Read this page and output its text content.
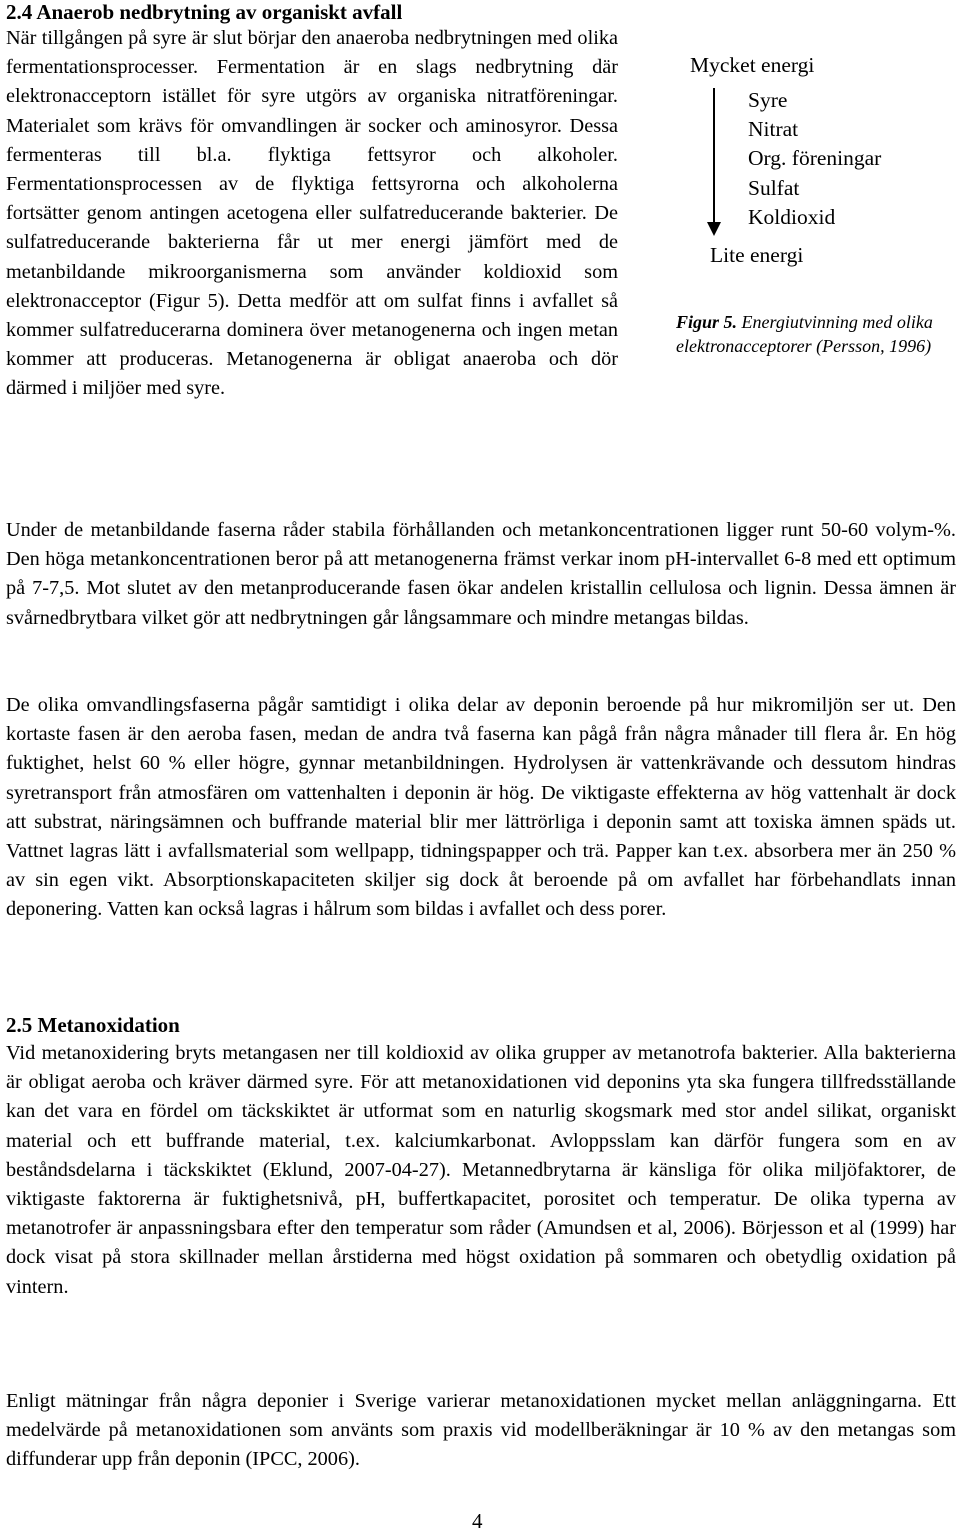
2.4 Anaerob nedbrytning av organiskt avfall

När tillgången på syre är slut börjar den anaeroba nedbrytningen med olika fermentationsprocesser. Fermentation är en slags nedbrytning där elektronacceptorn istället för syre utgörs av organiska nitratföreningar. Materialet som krävs för omvandlingen är socker och aminosyror. Dessa fermenteras till bl.a. flyktiga fettsyror och alkoholer. Fermentationsprocessen av de flyktiga fettsyrorna och alkoholerna fortsätter genom antingen acetogena eller sulfatreducerande bakterier. De sulfatreducerande bakterierna får ut mer energi jämfört med de metanbildande mikroorganismerna som använder koldioxid som elektronacceptor (Figur 5). Detta medför att om sulfat finns i avfallet så kommer sulfatreducerarna dominera över metanogenerna och ingen metan kommer att produceras. Metanogenerna är obligat anaeroba och dör därmed i miljöer med syre.

Mycket energi
Syre
Nitrat
Org. föreningar
Sulfat
Koldioxid
Lite energi

Figur 5. Energiutvinning med olika elektronacceptorer (Persson, 1996)

Under de metanbildande faserna råder stabila förhållanden och metankoncentrationen ligger runt 50-60 volym-%. Den höga metankoncentrationen beror på att metanogenerna främst verkar inom pH-intervallet 6-8 med ett optimum på 7-7,5. Mot slutet av den metanproducerande fasen ökar andelen kristallin cellulosa och lignin. Dessa ämnen är svårnedbrytbara vilket gör att nedbrytningen går långsammare och mindre metangas bildas.

De olika omvandlingsfaserna pågår samtidigt i olika delar av deponin beroende på hur mikromiljön ser ut. Den kortaste fasen är den aeroba fasen, medan de andra två faserna kan pågå från några månader till flera år. En hög fuktighet, helst 60 % eller högre, gynnar metanbildningen. Hydrolysen är vattenkrävande och dessutom hindras syretransport från atmosfären om vattenhalten i deponin är hög. De viktigaste effekterna av hög vattenhalt är dock att substrat, näringsämnen och buffrande material blir mer lättrörliga i deponin samt att toxiska ämnen späds ut. Vattnet lagras lätt i avfallsmaterial som wellpapp, tidningspapper och trä. Papper kan t.ex. absorbera mer än 250 % av sin egen vikt. Absorptionskapaciteten skiljer sig dock åt beroende på om avfallet har förbehandlats innan deponering. Vatten kan också lagras i hålrum som bildas i avfallet och dess porer.

2.5 Metanoxidation

Vid metanoxidering bryts metangasen ner till koldioxid av olika grupper av metanotrofa bakterier. Alla bakterierna är obligat aeroba och kräver därmed syre. För att metanoxidationen vid deponins yta ska fungera tillfredsställande kan det vara en fördel om täckskiktet är utformat som en naturlig skogsmark med stor andel silikat, organiskt material och ett buffrande material, t.ex. kalciumkarbonat. Avloppsslam kan därför fungera som en av beståndsdelarna i täckskiktet (Eklund, 2007-04-27). Metannedbrytarna är känsliga för olika miljöfaktorer, de viktigaste faktorerna är fuktighetsnivå, pH, buffertkapacitet, porositet och temperatur. De olika typerna av metanotrofer är anpassningsbara efter den temperatur som råder (Amundsen et al, 2006). Börjesson et al (1999) har dock visat på stora skillnader mellan årstiderna med högst oxidation på sommaren och obetydlig oxidation på vintern.

Enligt mätningar från några deponier i Sverige varierar metanoxidationen mycket mellan anläggningarna. Ett medelvärde på metanoxidationen som använts som praxis vid modellberäkningar är 10 % av den metangas som diffunderar upp från deponin (IPCC, 2006).

4
